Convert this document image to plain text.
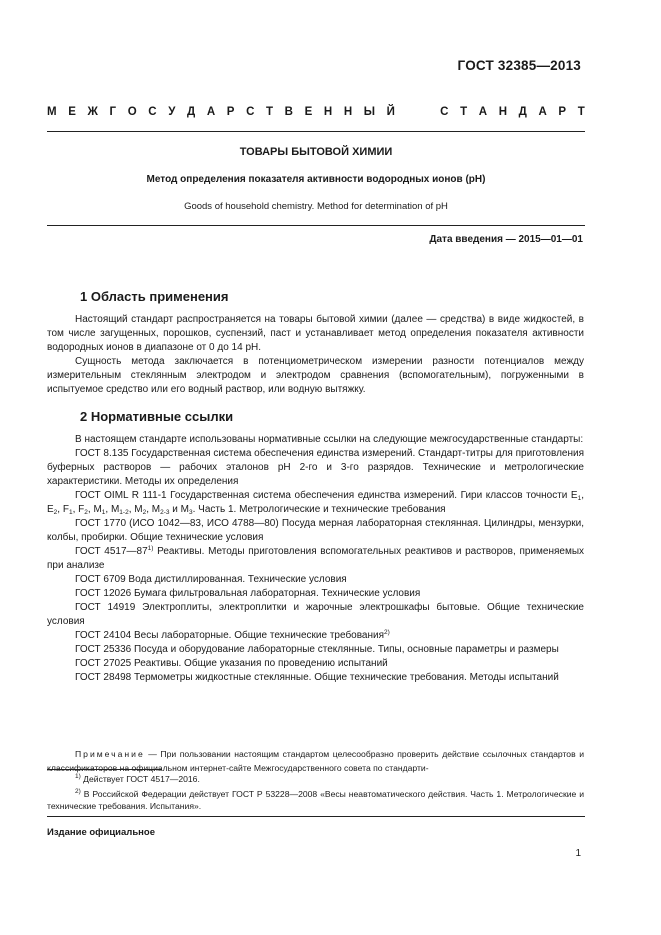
ГОСТ 32385—2013
М Е Ж Г О С У Д А Р С Т В Е Н Н Ы Й	С Т А Н Д А Р Т
ТОВАРЫ БЫТОВОЙ ХИМИИ
Метод определения показателя активности водородных ионов (pH)
Goods of household chemistry. Method for determination of pH
Дата введения — 2015—01—01
1 Область применения

Настоящий стандарт распространяется на товары бытовой химии (далее — средства) в виде жидкостей, в том числе загущенных, порошков, суспензий, паст и устанавливает метод определения показателя активности водородных ионов в диапазоне от 0 до 14 pH.

Сущность метода заключается в потенциометрическом измерении разности потенциалов между измерительным стеклянным электродом и электродом сравнения (вспомогательным), погруженными в испытуемое средство или его водный раствор, или водную вытяжку.

2 Нормативные ссылки

В настоящем стандарте использованы нормативные ссылки на следующие межгосударственные стандарты:

ГОСТ 8.135 Государственная система обеспечения единства измерений. Стандарт-титры для приготовления буферных растворов — рабочих эталонов pH 2-го и 3-го разрядов. Технические и метрологические характеристики. Методы их определения

ГОСТ OIML R 111-1 Государственная система обеспечения единства измерений. Гири классов точности $E_1$, $E_2$, $F_1$, $F_2$, $M_1$, $M_{1-2}$, $M_2$, $M_{2-3}$ и $M_3$. Часть 1. Метрологические и технические требования

ГОСТ 1770 (ИСО 1042—83, ИСО 4788—80) Посуда мерная лабораторная стеклянная. Цилиндры, мензурки, колбы, пробирки. Общие технические условия

ГОСТ 4517—87$^{1)}$ Реактивы. Методы приготовления вспомогательных реактивов и растворов, применяемых при анализе

ГОСТ 6709 Вода дистиллированная. Технические условия

ГОСТ 12026 Бумага фильтровальная лабораторная. Технические условия

ГОСТ 14919 Электроплиты, электроплитки и жарочные электрошкафы бытовые. Общие технические условия

ГОСТ 24104 Весы лабораторные. Общие технические требования$^{2)}$

ГОСТ 25336 Посуда и оборудование лабораторные стеклянные. Типы, основные параметры и размеры

ГОСТ 27025 Реактивы. Общие указания по проведению испытаний

ГОСТ 28498 Термометры жидкостные стеклянные. Общие технические требования. Методы испытаний

Примечание — При пользовании настоящим стандартом целесообразно проверить действие ссылочных стандартов и классификаторов на официальном интернет-сайте Межгосударственного совета по стандарти-

$^{1)}$ Действует ГОСТ 4517—2016.

$^{2)}$ В Российской Федерации действует ГОСТ Р 53228—2008 «Весы неавтоматического действия. Часть 1. Метрологические и технические требования. Испытания».

Издание официальное
1
